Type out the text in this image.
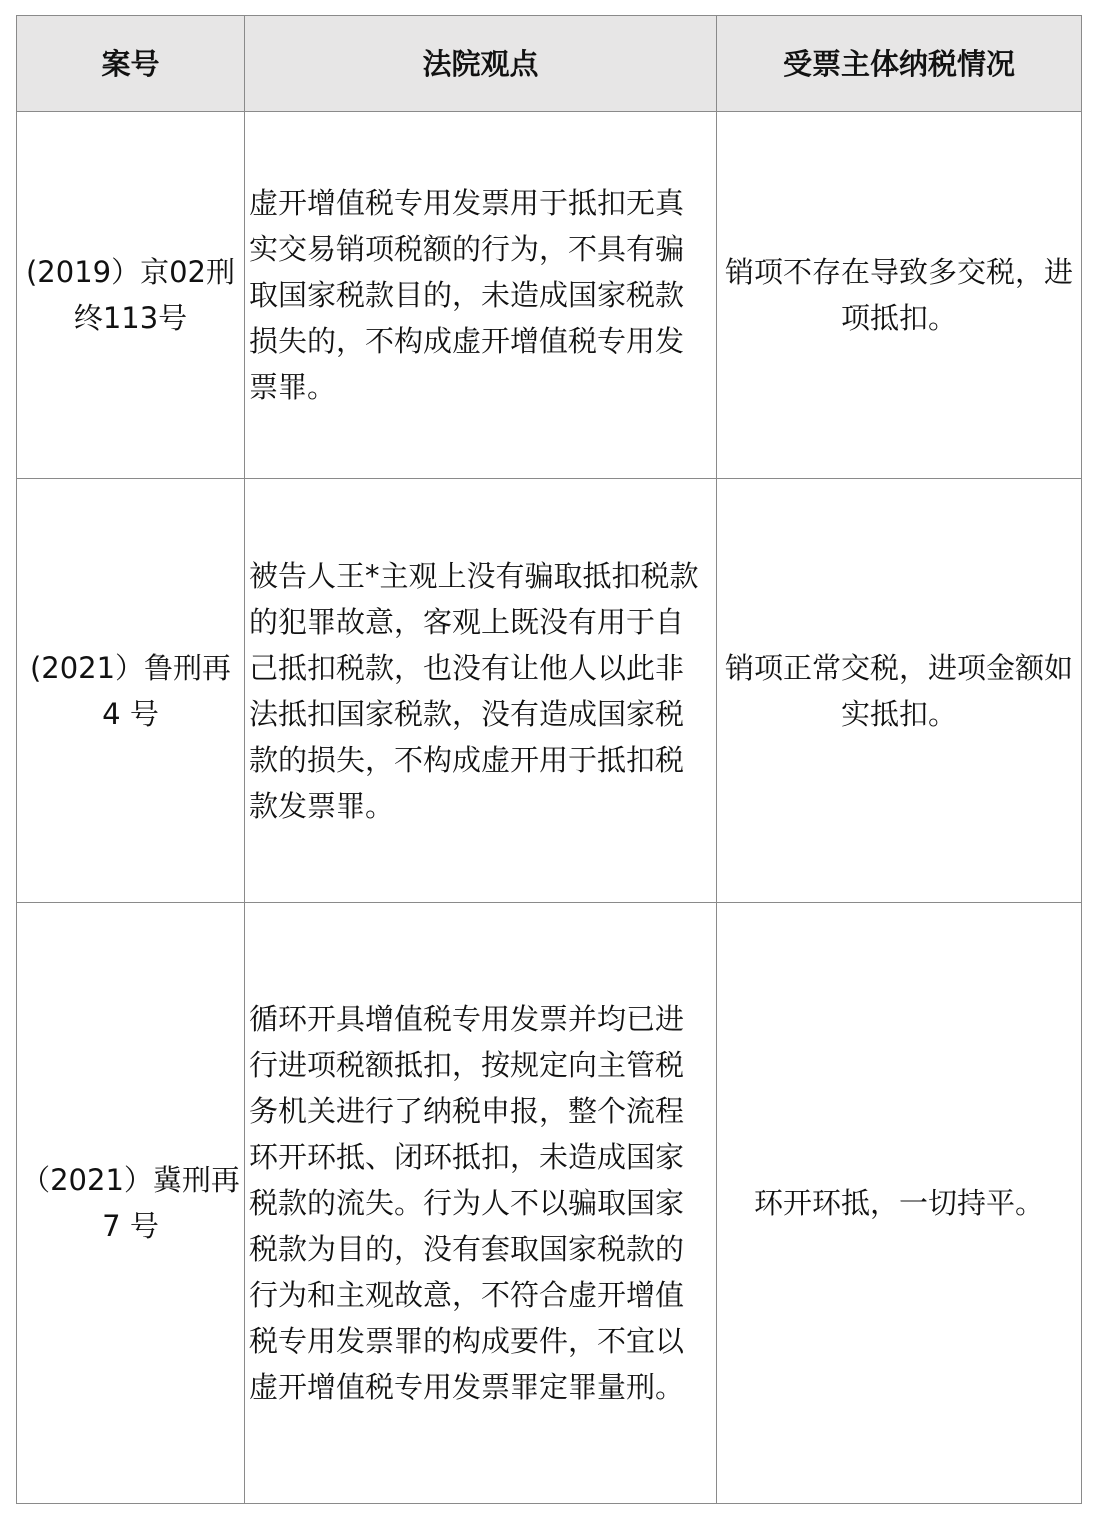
案号	法院观点	受票主体纳税情况
(2019）京02刑终113号	虚开增值税专用发票用于抵扣无真实交易销项税额的行为，不具有骗取国家税款目的，未造成国家税款损失的，不构成虚开增值税专用发票罪。	销项不存在导致多交税，进项抵扣。
(2021）鲁刑再4 号	被告人王*主观上没有骗取抵扣税款的犯罪故意，客观上既没有用于自己抵扣税款，也没有让他人以此非法抵扣国家税款，没有造成国家税款的损失，不构成虚开用于抵扣税款发票罪。	销项正常交税，进项金额如实抵扣。
（2021）冀刑再 7 号	循环开具增值税专用发票并均已进行进项税额抵扣，按规定向主管税务机关进行了纳税申报，整个流程环开环抵、闭环抵扣，未造成国家税款的流失。行为人不以骗取国家税款为目的，没有套取国家税款的行为和主观故意，不符合虚开增值税专用发票罪的构成要件，不宜以虚开增值税专用发票罪定罪量刑。	环开环抵，一切持平。
